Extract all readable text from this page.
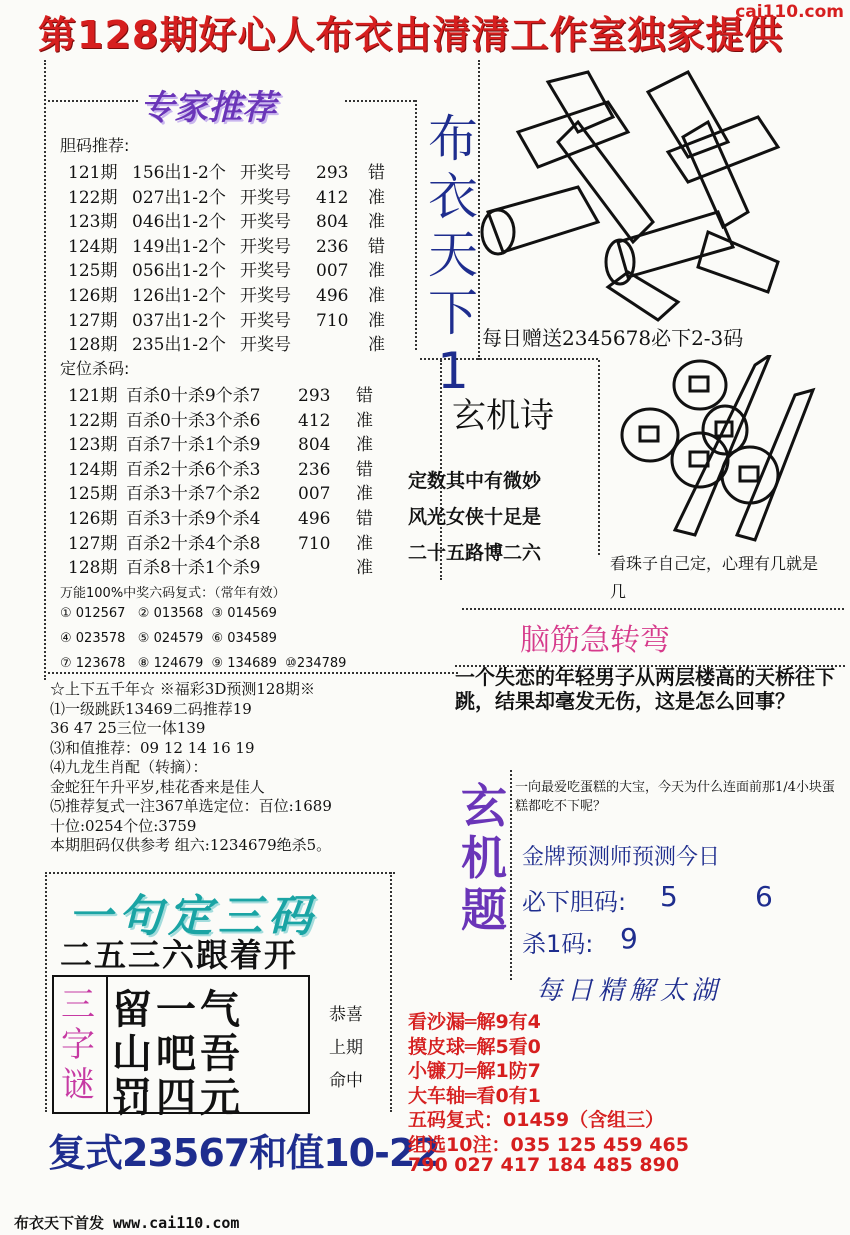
第128期好心人布衣由清清工作室独家提供
cai110.com
专家推荐
胆码推荐:
121期 156出1-2个 开奖号 293 错
122期 027出1-2个 开奖号 412 准
123期 046出1-2个 开奖号 804 准
124期 149出1-2个 开奖号 236 错
125期 056出1-2个 开奖号 007 准
126期 126出1-2个 开奖号 496 准
127期 037出1-2个 开奖号 710 准
128期 235出1-2个 开奖号	准
定位杀码:
121期 百杀0十杀9个杀7 293 错
122期 百杀0十杀3个杀6 412 准
123期 百杀7十杀1个杀9 804 准
124期 百杀2十杀6个杀3 236 错
125期 百杀3十杀7个杀2 007 准
126期 百杀3十杀9个杀4 496 错
127期 百杀2十杀4个杀8 710 准
128期 百杀8十杀1个杀9	准
万能100%中奖六码复式：（常年有效）
① 012567   ② 013568  ③ 014569
④ 023578   ⑤ 024579  ⑥ 034589
⑦ 123678   ⑧ 124679  ⑨ 134689  ⑩234789
☆上下五千年☆ ※福彩3D预测128期※
⑴一级跳跃13469二码推荐19
36 47 25三位一体139
⑶和值推荐：09 12 14 16 19
⑷九龙生肖配（转摘）：
金蛇狂午升平岁,桂花香来是佳人
⑸推荐复式一注367单选定位：百位:1689
十位:0254个位:3759
本期胆码仅供参考 组六:1234679绝杀5。
布
衣
天
下
1
每日赠送2345678必下2-3码
玄机诗
定数其中有微妙
风光女侠十足是
二十五路博二六	看珠子自己定，心理有几就是几
脑筋急转弯
一个失恋的年轻男子从两层楼高的天桥往下跳，结果却毫发无伤，这是怎么回事？
玄
机
题
一向最爱吃蛋糕的大宝，今天为什么连面前那1/4小块蛋糕都吃不下呢？
金牌预测师预测今日
必下胆码: 5	6
杀1码: 9
一句定三码
二五三六跟着开
三
字
谜
留一气
山吧吾
罚四元
恭喜
上期
命中
复式23567和值10-22
每日精解太湖
看沙漏═解9有4
摸皮球═解5看0
小镰刀═解1防7
大车轴═看0有1
五码复式：01459（含组三）
组选10注：035 125 459 465
790 027 417 184 485 890
布衣天下首发 www.cai110.com
